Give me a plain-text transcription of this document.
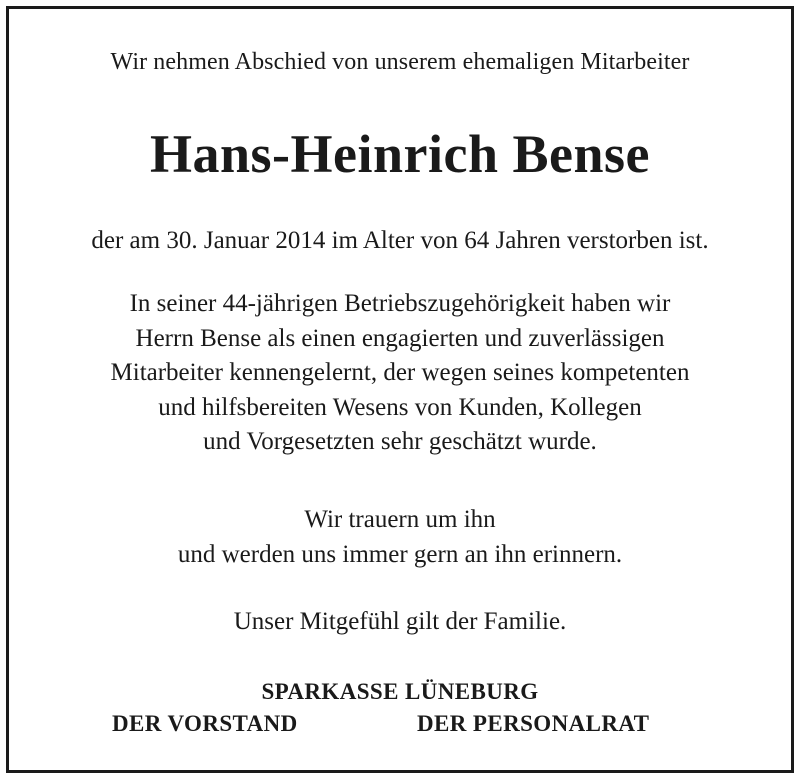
Wir nehmen Abschied von unserem ehemaligen Mitarbeiter

Hans-Heinrich Bense

der am 30. Januar 2014 im Alter von 64 Jahren verstorben ist.

In seiner 44-jährigen Betriebszugehörigkeit haben wir
Herrn Bense als einen engagierten und zuverlässigen
Mitarbeiter kennengelernt, der wegen seines kompetenten
und hilfsbereiten Wesens von Kunden, Kollegen
und Vorgesetzten sehr geschätzt wurde.
Wir trauern um ihn
und werden uns immer gern an ihn erinnern.
Unser Mitgefühl gilt der Familie.

SPARKASSE LÜNEBURG

DER VORSTAND	DER PERSONALRAT
